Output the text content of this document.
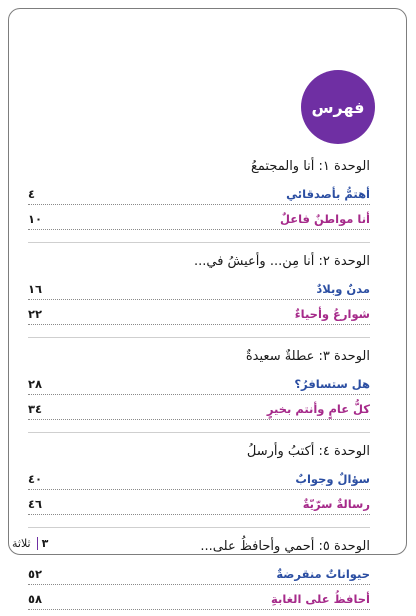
فهرس
الوحدة ١: أنا والمجتمعُ
أهتمُّ بأصدقائي
٤
أنا مواطنٌ فاعلٌ
١٠
الوحدة ٢: أنا مِن... وأعيشُ في...
مدنٌ وبلادٌ
١٦
شوارعُ وأحياءٌ
٢٢
الوحدة ٣: عطلةٌ سعيدةٌ
هل ستسافرُ؟
٢٨
كلُّ عامٍ وأنتم بخيرٍ
٣٤
الوحدة ٤: أكتبُ وأرسلُ
سؤالٌ وجوابٌ
٤٠
رسالةٌ سرّيّةٌ
٤٦
الوحدة ٥: أحمي وأحافظُ على...
حيواناتٌ منقرضةٌ
٥٢
أحافظُ على الغابةِ
٥٨
٣
ثلاثة
